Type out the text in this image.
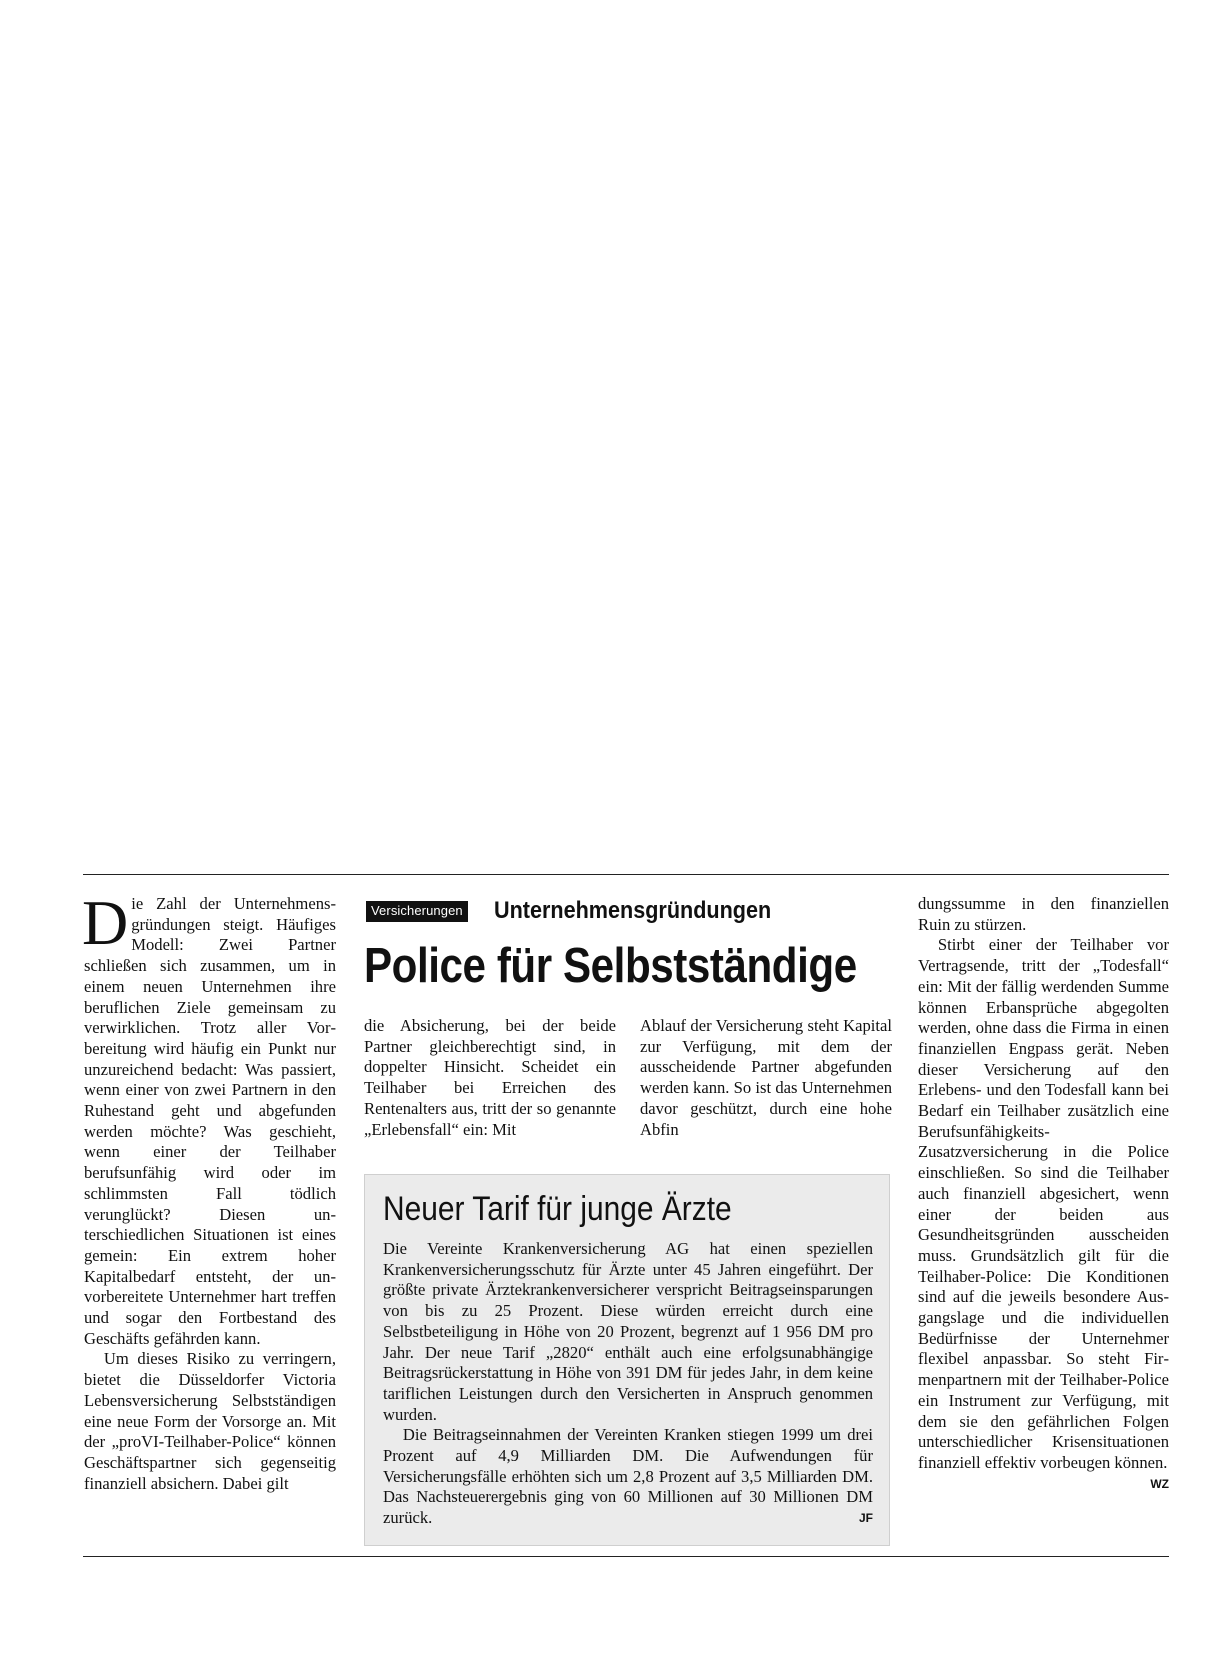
Die Zahl der Unternehmensgründungen steigt. Häufiges Modell: Zwei Partner schließen sich zusammen, um in einem neuen Unternehmen ihre beruflichen Ziele gemeinsam zu verwirklichen. Trotz aller Vorbereitung wird häufig ein Punkt nur unzureichend bedacht: Was passiert, wenn einer von zwei Partnern in den Ruhestand geht und abgefunden werden möchte? Was geschieht, wenn einer der Teilhaber berufsunfähig wird oder im schlimmsten Fall tödlich verunglückt? Diesen unterschiedlichen Situationen ist eines gemein: Ein extrem hoher Kapitalbedarf entsteht, der unvorbereitete Unternehmer hart treffen und sogar den Fortbestand des Geschäfts gefährden kann.

Um dieses Risiko zu verringern, bietet die Düsseldorfer Victoria Lebensversicherung Selbstständigen eine neue Form der Vorsorge an. Mit der „proVI-Teilhaber-Police“ können Geschäftspartner sich gegenseitig finanziell absichern. Dabei gilt

Versicherungen Unternehmensgründungen
Police für Selbstständige

die Absicherung, bei der beide Partner gleichberechtigt sind, in doppelter Hinsicht. Scheidet ein Teilhaber bei Erreichen des Rentenalters aus, tritt der so genannte „Erlebensfall“ ein: Mit

Ablauf der Versicherung steht Kapital zur Verfügung, mit dem der ausscheidende Partner abgefunden werden kann. So ist das Unternehmen davor geschützt, durch eine hohe Abfin

Neuer Tarif für junge Ärzte

Die Vereinte Krankenversicherung AG hat einen speziellen Krankenversicherungsschutz für Ärzte unter 45 Jahren eingeführt. Der größte private Ärztekrankenversicherer verspricht Beitragseinsparungen von bis zu 25 Prozent. Diese würden erreicht durch eine Selbstbeteiligung in Höhe von 20 Prozent, begrenzt auf 1 956 DM pro Jahr. Der neue Tarif „2820“ enthält auch eine erfolgsunabhängige Beitragsrückerstattung in Höhe von 391 DM für jedes Jahr, in dem keine tariflichen Leistungen durch den Versicherten in Anspruch genommen wurden.

Die Beitragseinnahmen der Vereinten Kranken stiegen 1999 um drei Prozent auf 4,9 Milliarden DM. Die Aufwendungen für Versicherungsfälle erhöhten sich um 2,8 Prozent auf 3,5 Milliarden DM. Das Nachsteuerergebnis ging von 60 Millionen auf 30 Millionen DM zurück.	JF

dungssumme in den finanziellen Ruin zu stürzen.

Stirbt einer der Teilhaber vor Vertragsende, tritt der „Todesfall“ ein: Mit der fällig werdenden Summe können Erbansprüche abgegolten werden, ohne dass die Firma in einen finanziellen Engpass gerät. Neben dieser Versicherung auf den Erlebens- und den Todesfall kann bei Bedarf ein Teilhaber zusätzlich eine Berufsunfähigkeits-Zusatzversicherung in die Police einschließen. So sind die Teilhaber auch finanziell abgesichert, wenn einer der beiden aus Gesundheitsgründen ausscheiden muss. Grundsätzlich gilt für die Teilhaber-Police: Die Konditionen sind auf die jeweils besondere Ausgangslage und die individuellen Bedürfnisse der Unternehmer flexibel anpassbar. So steht Firmenpartnern mit der Teilhaber-Police ein Instrument zur Verfügung, mit dem sie den gefährlichen Folgen unterschiedlicher Krisensituationen finanziell effektiv vorbeugen können.
WZ
